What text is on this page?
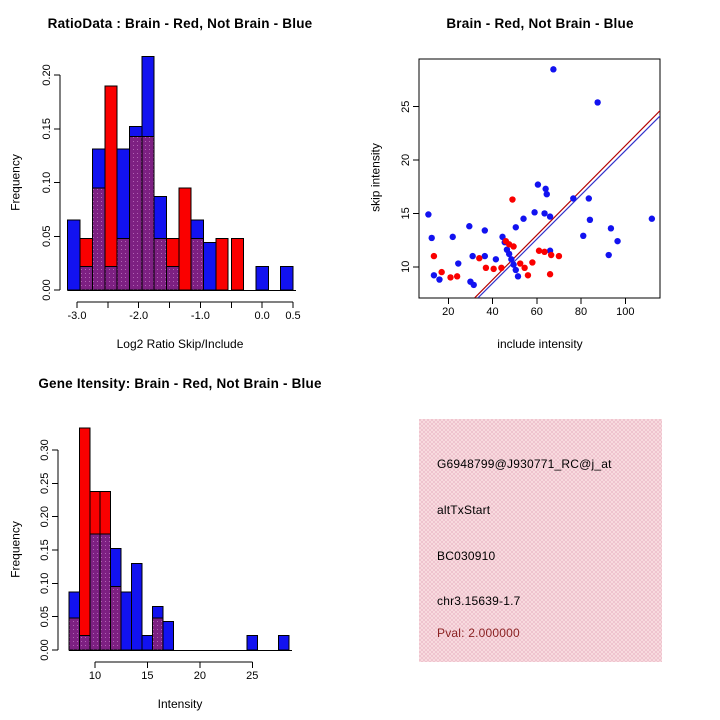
0.00
0.05
0.10
0.15
0.20
-3.0	-2.0	-1.0	0.0 0.5
RatioData : Brain - Red, Not Brain - Blue
Log2 Ratio Skip/Include
Frequency
20	40	60	80	100
10
15
20
25
Brain - Red, Not Brain - Blue
include intensity
skip intensity
0.00
0.05
0.10
0.15
0.20
0.25
0.30
10	15	20	25
Gene Itensity: Brain - Red, Not Brain - Blue
Intensity
Frequency
G6948799@J930771_RC@j_at
altTxStart
BC030910
chr3.15639-1.7
Pval: 2.000000
